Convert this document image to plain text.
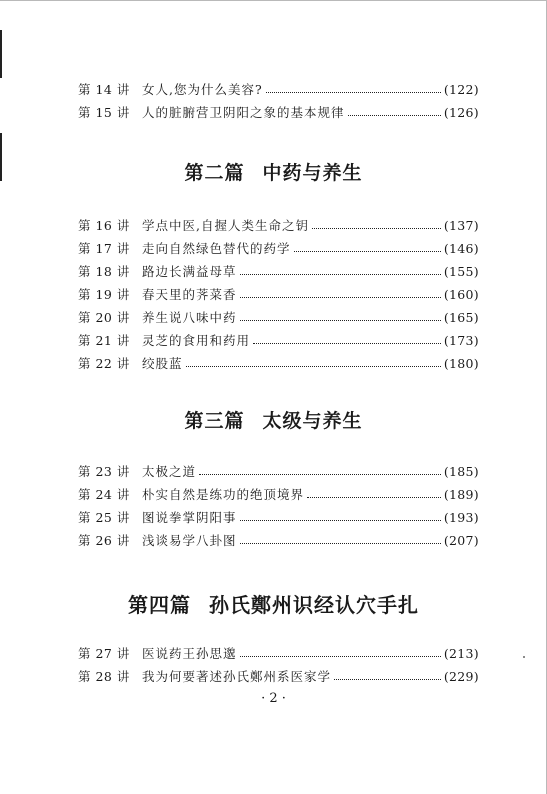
第 14 讲 女人,您为什么美容?	(122)
第 15 讲 人的脏腑营卫阴阳之象的基本规律	(126)
第二篇 中药与养生
第 16 讲 学点中医,自握人类生命之钥	(137)
第 17 讲 走向自然绿色替代的药学	(146)
第 18 讲 路边长满益母草	(155)
第 19 讲 春天里的荠菜香	(160)
第 20 讲 养生说八味中药	(165)
第 21 讲 灵芝的食用和药用	(173)
第 22 讲 绞股蓝	(180)
第三篇 太级与养生
第 23 讲 太极之道	(185)
第 24 讲 朴实自然是练功的绝顶境界	(189)
第 25 讲 图说拳掌阴阳事	(193)
第 26 讲 浅谈易学八卦图	(207)
第四篇 孙氏鄭州识经认穴手扎
第 27 讲 医说药王孙思邈	(213)
第 28 讲 我为何要著述孙氏鄭州系医家学	(229)
· 2 ·
